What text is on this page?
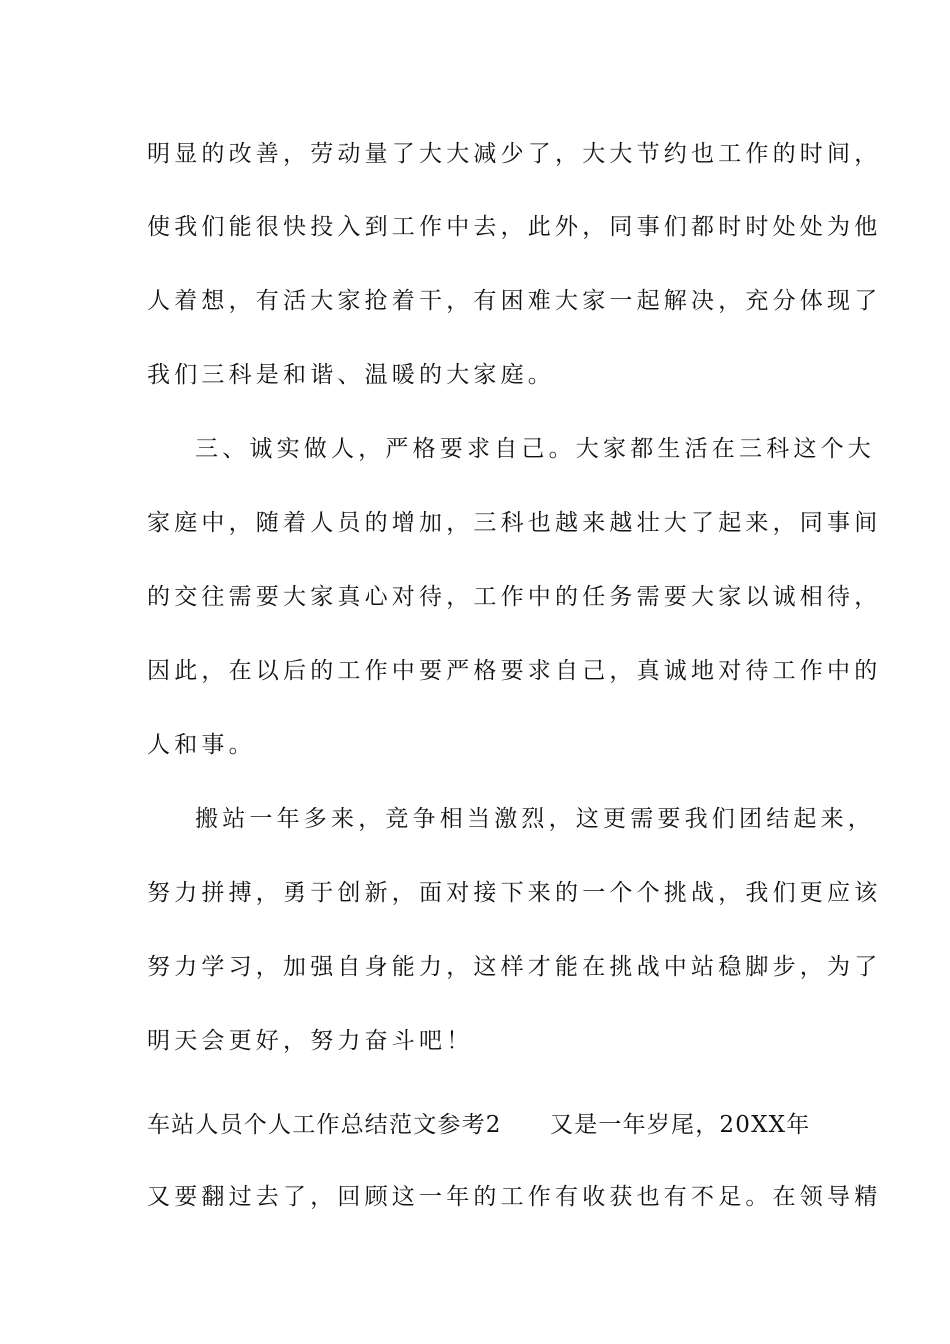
明显的改善，劳动量了大大减少了，大大节约也工作的时间，
使我们能很快投入到工作中去，此外，同事们都时时处处为他
人着想，有活大家抢着干，有困难大家一起解决，充分体现了
我们三科是和谐、温暖的大家庭。
三、诚实做人，严格要求自己。大家都生活在三科这个大
家庭中，随着人员的增加，三科也越来越壮大了起来，同事间
的交往需要大家真心对待，工作中的任务需要大家以诚相待，
因此，在以后的工作中要严格要求自己，真诚地对待工作中的
人和事。
搬站一年多来，竞争相当激烈，这更需要我们团结起来，
努力拼搏，勇于创新，面对接下来的一个个挑战，我们更应该
努力学习，加强自身能力，这样才能在挑战中站稳脚步，为了
明天会更好，努力奋斗吧！
车站人员个人工作总结范文参考2　　又是一年岁尾，20XX年
又要翻过去了，回顾这一年的工作有收获也有不足。在领导精
